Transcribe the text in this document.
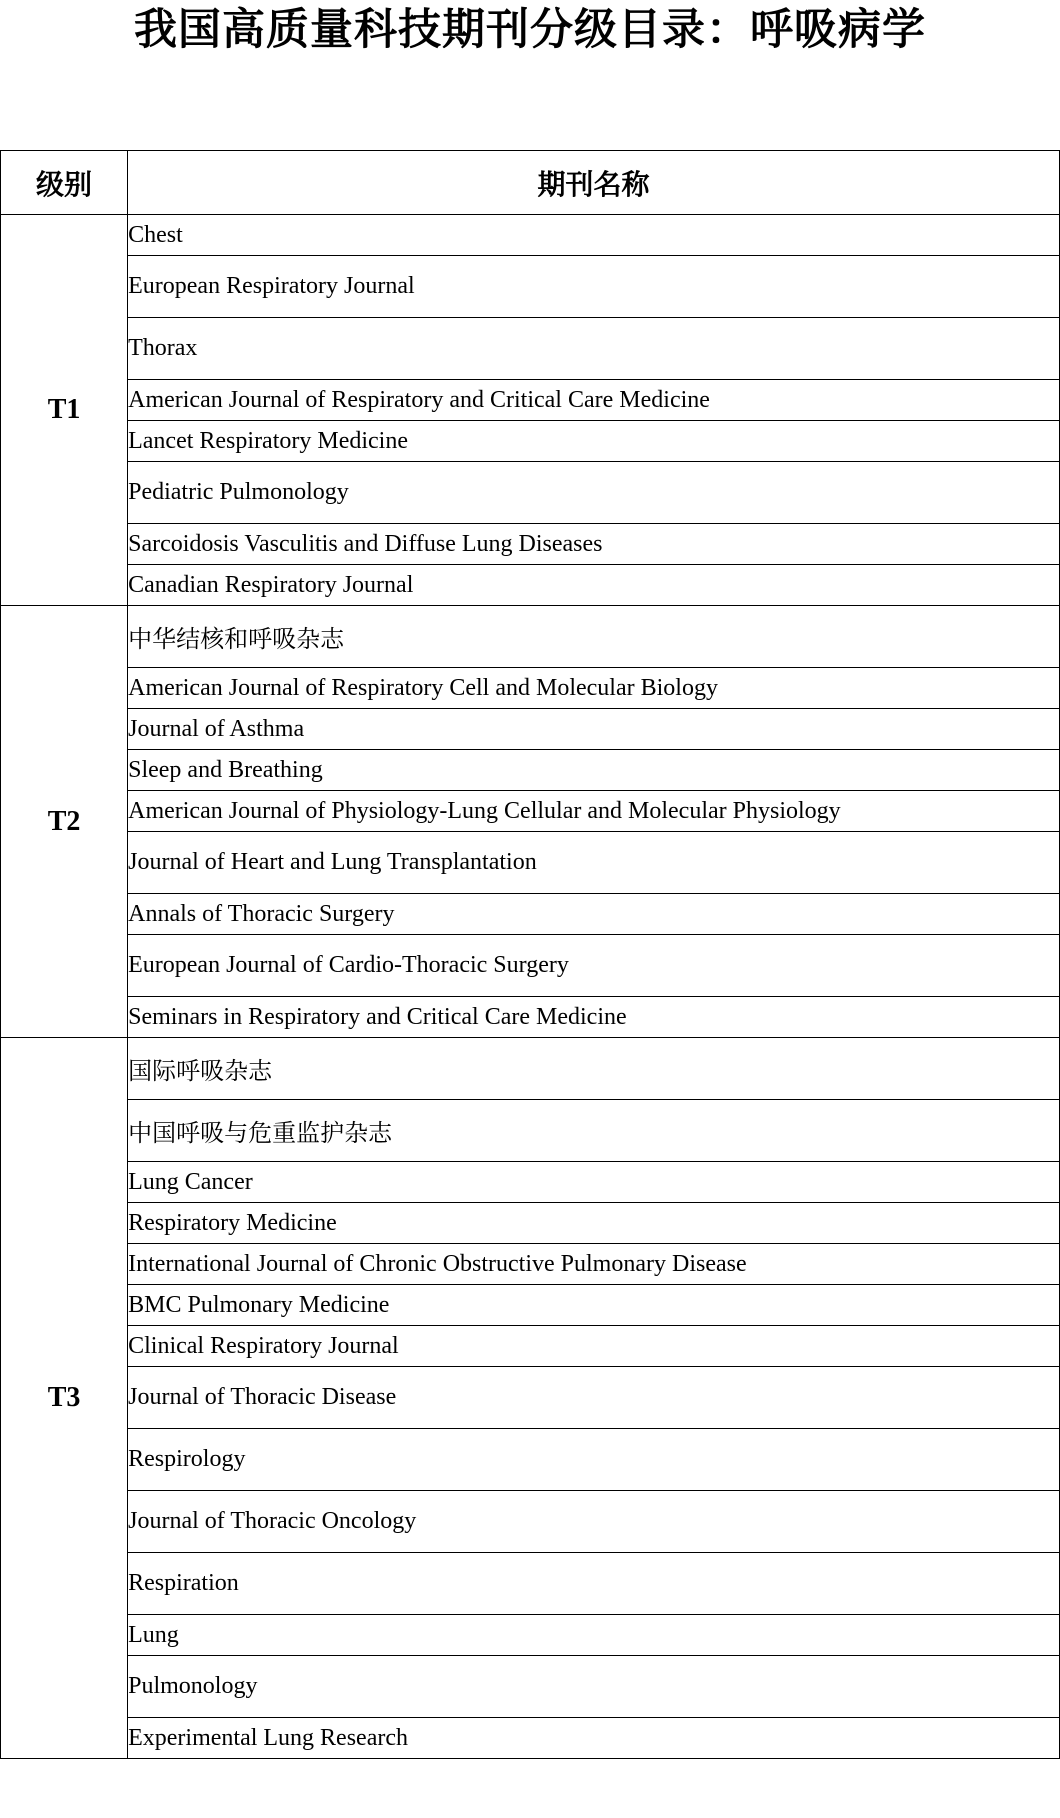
我国高质量科技期刊分级目录：呼吸病学
级别	期刊名称
T1	Chest
	European Respiratory Journal
	Thorax
	American Journal of Respiratory and Critical Care Medicine
	Lancet Respiratory Medicine
	Pediatric Pulmonology
	Sarcoidosis Vasculitis and Diffuse Lung Diseases
	Canadian Respiratory Journal
T2	中华结核和呼吸杂志
	American Journal of Respiratory Cell and Molecular Biology
	Journal of Asthma
	Sleep and Breathing
	American Journal of Physiology-Lung Cellular and Molecular Physiology
	Journal of Heart and Lung Transplantation
	Annals of Thoracic Surgery
	European Journal of Cardio-Thoracic Surgery
	Seminars in Respiratory and Critical Care Medicine
T3	国际呼吸杂志
	中国呼吸与危重监护杂志
	Lung Cancer
	Respiratory Medicine
	International Journal of Chronic Obstructive Pulmonary Disease
	BMC Pulmonary Medicine
	Clinical Respiratory Journal
	Journal of Thoracic Disease
	Respirology
	Journal of Thoracic Oncology
	Respiration
	Lung
	Pulmonology
	Experimental Lung Research
